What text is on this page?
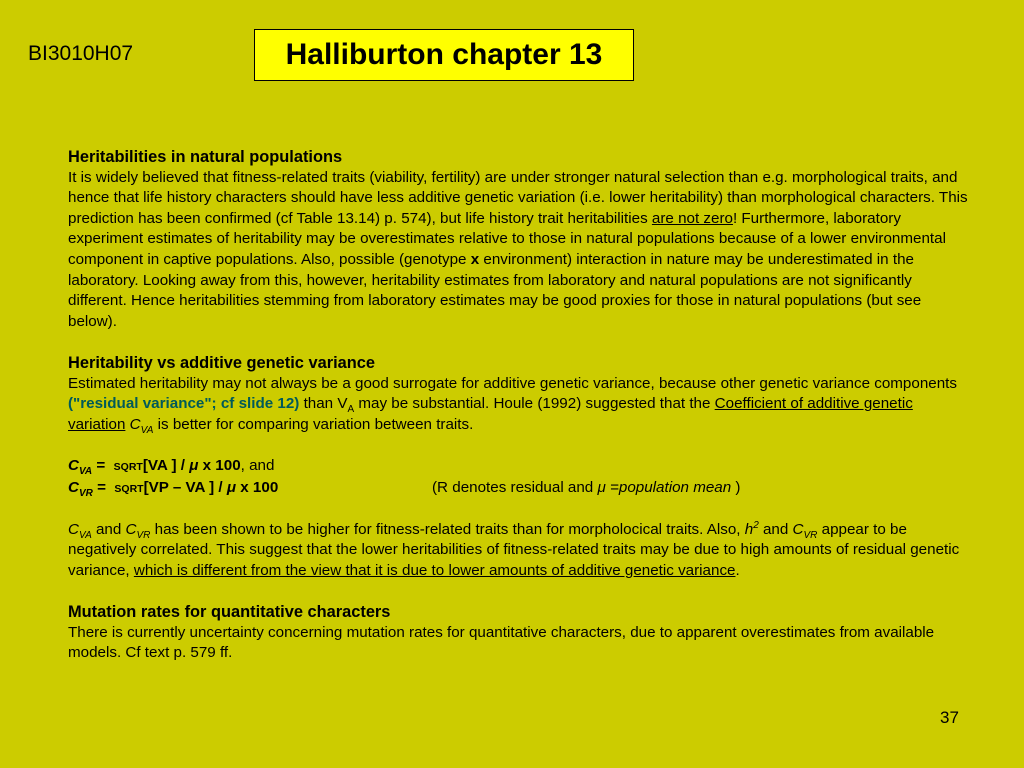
BI3010H07	Halliburton chapter 13

Heritabilities in natural populations

It is widely believed that fitness-related traits (viability, fertility) are under stronger natural selection than e.g. morphological traits, and hence that life history characters should have less additive genetic variation (i.e. lower heritability) than morphological characters. This prediction has been confirmed (cf Table 13.14) p. 574), but life history trait heritabilities are not zero! Furthermore, laboratory experiment estimates of heritability may be overestimates relative to those in natural populations because of a lower environmental component in captive populations. Also, possible (genotype x environment) interaction in nature may be underestimated in the laboratory. Looking away from this, however, heritability estimates from laboratory and natural populations are not significantly different. Hence heritabilities stemming from laboratory estimates may be good proxies for those in natural populations (but see below).

Heritability vs additive genetic variance

Estimated heritability may not always be a good surrogate for additive genetic variance, because other genetic variance components ("residual variance"; cf slide 12) than $V_A$ may be substantial. Houle (1992) suggested that the Coefficient of additive genetic variation $C_{VA}$ is better for comparing variation between traits.

$C_{VA}$ =  SQRT[VA ] / μ x 100, and

$C_{VR}$ =  SQRT[VP – VA ] / μ x 100	(R denotes residual and μ =population mean )

$C_{VA}$ and $C_{VR}$ has been shown to be higher for fitness-related traits than for morpholocical traits. Also, $h^2$ and $C_{VR}$ appear to be negatively correlated. This suggest that the lower heritabilities of fitness-related traits may be due to high amounts of residual genetic variance, which is different from the view that it is due to lower amounts of additive genetic variance.

Mutation rates for quantitative characters

There is currently uncertainty concerning mutation rates for quantitative characters, due to apparent overestimates from available models. Cf text p. 579 ff.

37
